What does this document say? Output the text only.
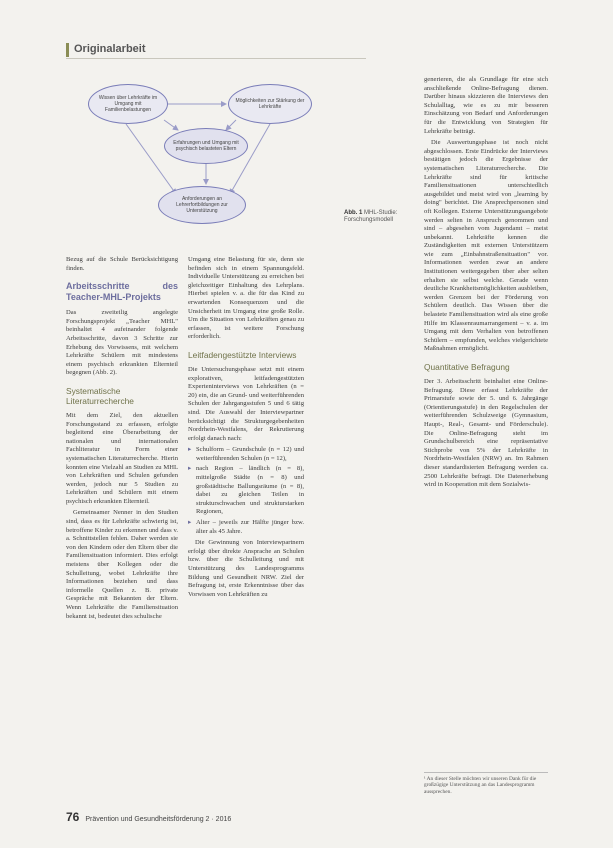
Originalarbeit
Wissen über Lehrkräfte im Umgang mit Familienbelastungen
Möglichkeiten zur Stärkung der Lehrkräfte
Erfahrungen und Umgang mit psychisch belasteten Eltern
Anforderungen an Lehrerfortbildungen zur Unterstützung	Abb. 1 MHL-Studie: Forschungsmodell

Bezug auf die Schule Berücksichtigung finden.

Arbeitsschritte des Teacher-MHL-Projekts

Das zweiteilig angelegte Forschungsprojekt „Teacher MHL" beinhaltet 4 aufeinander folgende Arbeitsschritte, davon 3 Schritte zur Erhebung des Vorwissens, mit welchem Lehrkräfte Schülern mit mindestens einem psychisch erkrankten Elternteil begegnen (Abb. 2).

Systematische Literaturrecherche

Mit dem Ziel, den aktuellen Forschungsstand zu erfassen, erfolgte begleitend eine Überarbeitung der nationalen und internationalen Fachliteratur in Form einer systematischen Literaturrecherche. Hierin konnten eine Vielzahl an Studien zu MHL von Lehrkräften und Schulen gefunden werden, jedoch nur 5 Studien zu Lehrkräften und Schülern mit einem psychisch erkrankten Elternteil.

Gemeinsamer Nenner in den Studien sind, dass es für Lehrkräfte schwierig ist, betroffene Kinder zu erkennen und dass v. a. Schnittstellen fehlen. Daher werden sie von den Kindern oder den Eltern über die Familiensituation informiert. Dies erfolgt meistens über Kollegen oder die Schulleitung, wobei Lehrkräfte ihre Informationen beziehen und dass informelle Quellen z. B. private Gespräche mit Bekannten der Eltern. Wenn Lehrkräfte die Familiensituation bekannt ist, bedeutet dies schulische

Umgang eine Belastung für sie, denn sie befinden sich in einem Spannungsfeld. Individuelle Unterstützung zu erreichen bei gleichzeitiger Einhaltung des Lehrplans. Hierbei spielen v. a. die für das Kind zu erwartenden Konsequenzen und die Unsicherheit im Umgang eine große Rolle. Um die Situation von Lehrkräften genau zu erfassen, ist weitere Forschung erforderlich.

Leitfadengestützte Interviews

Die Untersuchungsphase setzt mit einem explorativen, leitfadengestützten Experteninterviews von Lehrkräften (n = 20) ein, die an Grund- und weiterführenden Schulen der Jahrgangsstufen 5 und 6 tätig sind. Die Auswahl der Interviewpartner berücksichtigt die Strukturgegebenheiten Nordrhein-Westfalens, der Rekrutierung erfolgt danach nach:

▸ Schulform – Grundschule (n = 12) und weiterführenden Schulen (n = 12),
▸ nach Region – ländlich (n = 8), mittelgroße Städte (n = 8) und großstädtische Ballungsräume (n = 8), dabei zu gleichen Teilen in strukturschwachen und strukturstarken Regionen,
▸ Alter – jeweils zur Hälfte jünger bzw. älter als 45 Jahre.

Die Gewinnung von Interviewpartnern erfolgt über direkte Ansprache an Schulen bzw. über die Schulleitung und mit Unterstützung des Landesprogramms Bildung und Gesundheit NRW. Ziel der Befragung ist, erste Erkenntnisse über das Vorwissen von Lehrkräften zu

generieren, die als Grundlage für eine sich anschließende Online-Befragung dienen. Darüber hinaus skizzieren die Interviews den Schulalltag, wie es zu mir besseren Einschätzung von Bedarf und Anforderungen für die Entwicklung von Strategien für Lehrkräfte beiträgt.

Die Auswertungsphase ist noch nicht abgeschlossen. Erste Eindrücke der Interviews bestätigen jedoch die Ergebnisse der systematischen Literaturrecherche. Die Lehrkräfte sind für kritische Familiensituationen unterschiedlich ausgebildet und meist wird von „learning by doing" berichtet. Die Ansprechpersonen sind oft Kollegen. Externe Unterstützungsangebote werden selten in Anspruch genommen und sind – abgesehen vom Jugendamt – meist unbekannt. Lehrkräfte kennen die Zuständigkeiten mit externen Unterstützern wie zum „Einbahnstraßensituation" vor. Informationen werden zwar an andere Institutionen weitergegeben über aber selten erhalten sie selbst welche. Gerade wenn deutliche Krankheitsmöglichkeiten ausbleiben, werden Grenzen bei der Förderung von Schülern deutlich. Das Wissen über die belastete Familiensituation wird als eine große Hilfe im Klassenraumarrangement – v. a. im Umgang mit dem Verhalten von betroffenen Schülern – empfunden, welches vielgerichtete Maßnahmen ermöglicht.

Quantitative Befragung

Der 3. Arbeitsschritt beinhaltet eine Online-Befragung. Diese erfasst Lehrkräfte der Primarstufe sowie der 5. und 6. Jahrgänge (Orientierungsstufe) in den Regelschulen der weiterführenden Schulzweige (Gymnasium, Haupt-, Real-, Gesamt- und Förderschule). Die Online-Befragung steht im Grundschulbereich eine repräsentative Stichprobe von 5% der Lehrkräfte in Nordrhein-Westfalen (NRW) an. Im Rahmen dieser standardisierten Befragung werden ca. 2500 Lehrkräfte befragt. Die Datenerhebung wird in Kooperation mit dem Sozialwis-

¹ An dieser Stelle möchten wir unseren Dank für die großzügige Unterstützung an das Landesprogramm aussprechen.
76 Prävention und Gesundheitsförderung 2 · 2016
